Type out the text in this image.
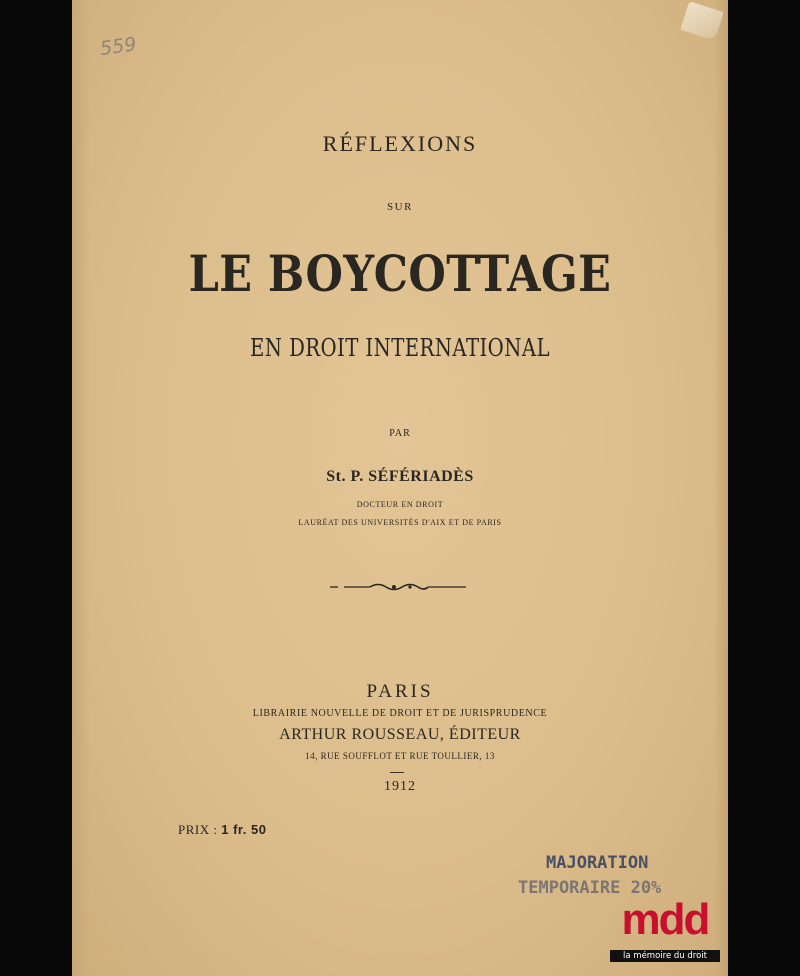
559
RÉFLEXIONS
SUR
LE BOYCOTTAGE
EN DROIT INTERNATIONAL
PAR
St. P. SÉFÉRIADÈS
DOCTEUR EN DROIT
LAURÉAT DES UNIVERSITÉS D'AIX ET DE PARIS
PARIS
LIBRAIRIE NOUVELLE DE DROIT ET DE JURISPRUDENCE
ARTHUR ROUSSEAU, ÉDITEUR
14, RUE SOUFFLOT ET RUE TOULLIER, 13
1912
PRIX : 1 fr. 50
MAJORATION
TEMPORAIRE 20%
mdd
la mémoire du droit
